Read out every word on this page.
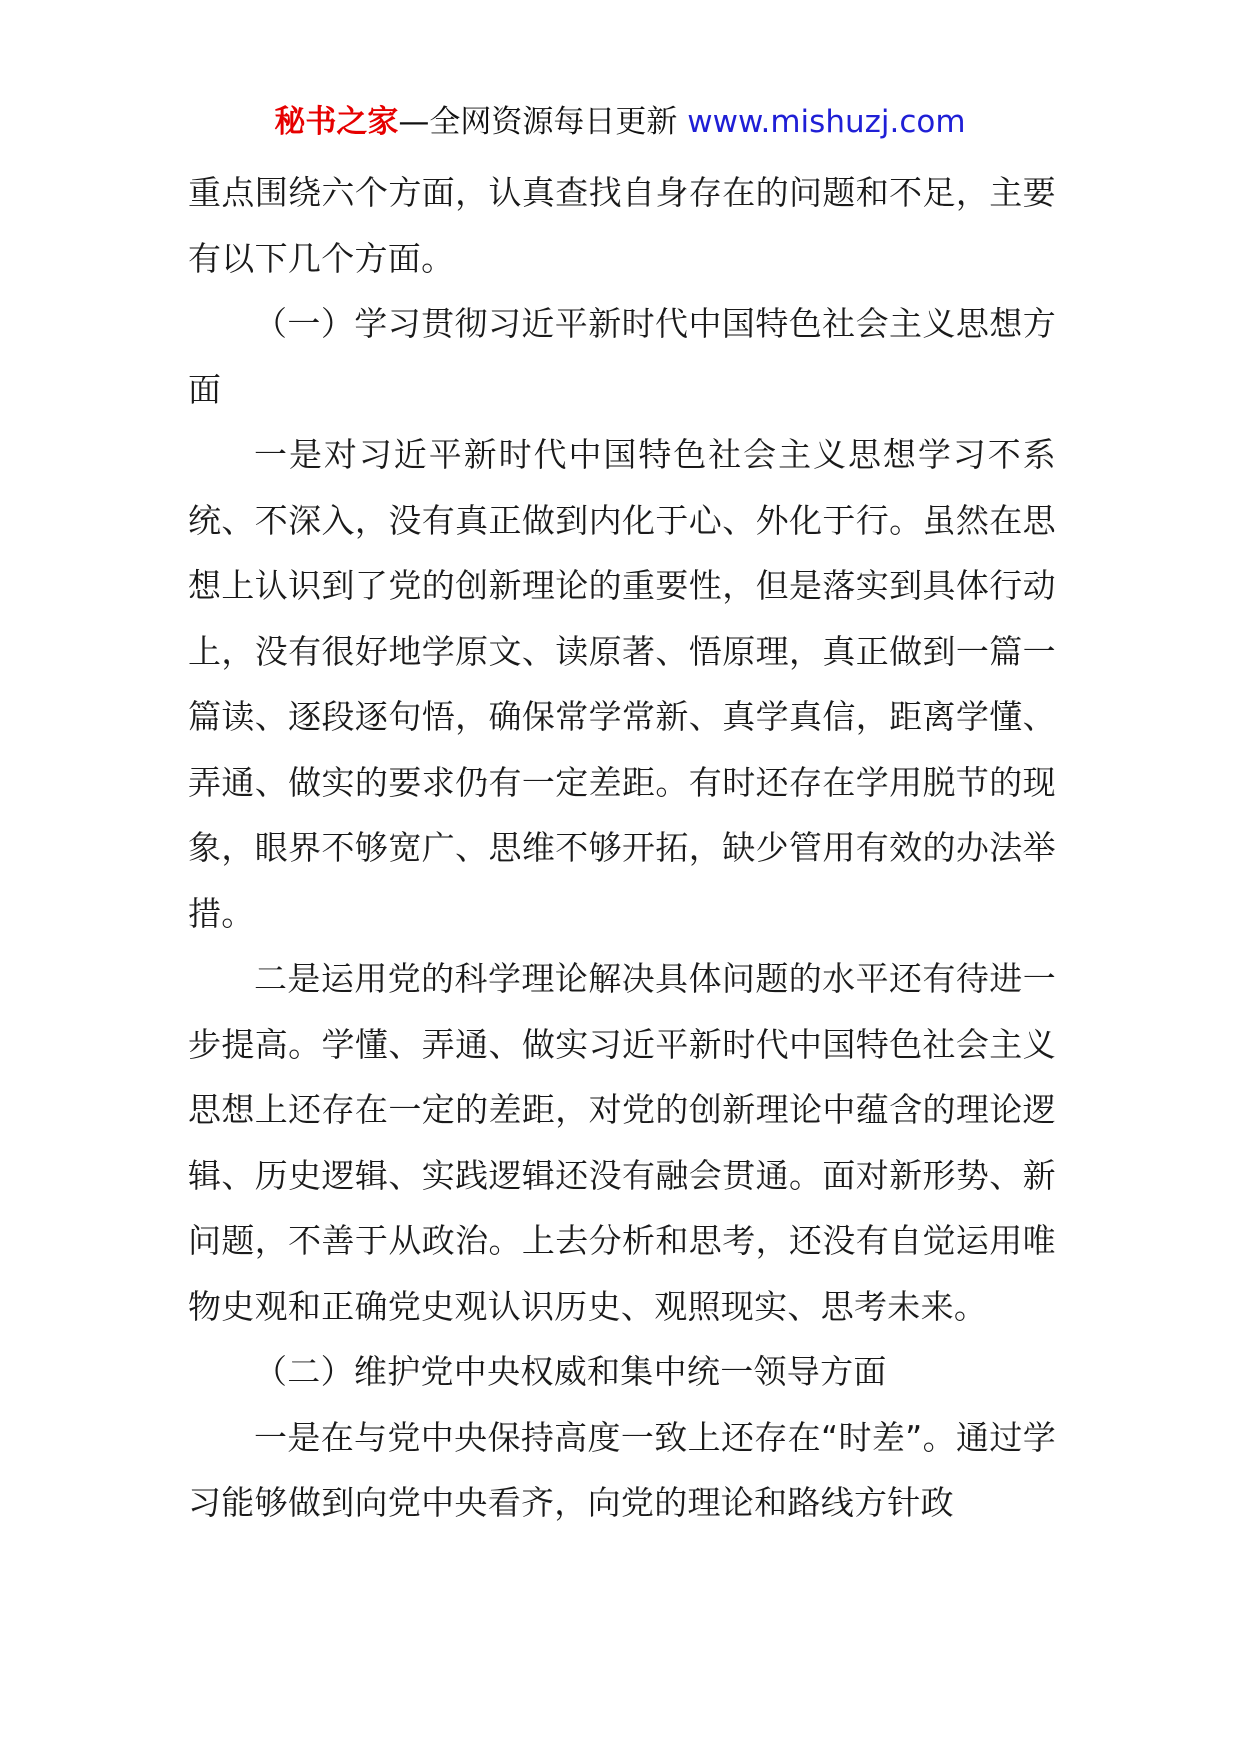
秘书之家—全网资源每日更新 www.mishuzj.com

重点围绕六个方面，认真查找自身存在的问题和不足，主要有以下几个方面。

（一）学习贯彻习近平新时代中国特色社会主义思想方面

一是对习近平新时代中国特色社会主义思想学习不系统、不深入，没有真正做到内化于心、外化于行。虽然在思想上认识到了党的创新理论的重要性，但是落实到具体行动上，没有很好地学原文、读原著、悟原理，真正做到一篇一篇读、逐段逐句悟，确保常学常新、真学真信，距离学懂、弄通、做实的要求仍有一定差距。有时还存在学用脱节的现象，眼界不够宽广、思维不够开拓，缺少管用有效的办法举措。

二是运用党的科学理论解决具体问题的水平还有待进一步提高。学懂、弄通、做实习近平新时代中国特色社会主义思想上还存在一定的差距，对党的创新理论中蕴含的理论逻辑、历史逻辑、实践逻辑还没有融会贯通。面对新形势、新问题，不善于从政治。上去分析和思考，还没有自觉运用唯物史观和正确党史观认识历史、观照现实、思考未来。

（二）维护党中央权威和集中统一领导方面

一是在与党中央保持高度一致上还存在“时差”。通过学习能够做到向党中央看齐，向党的理论和路线方针政
